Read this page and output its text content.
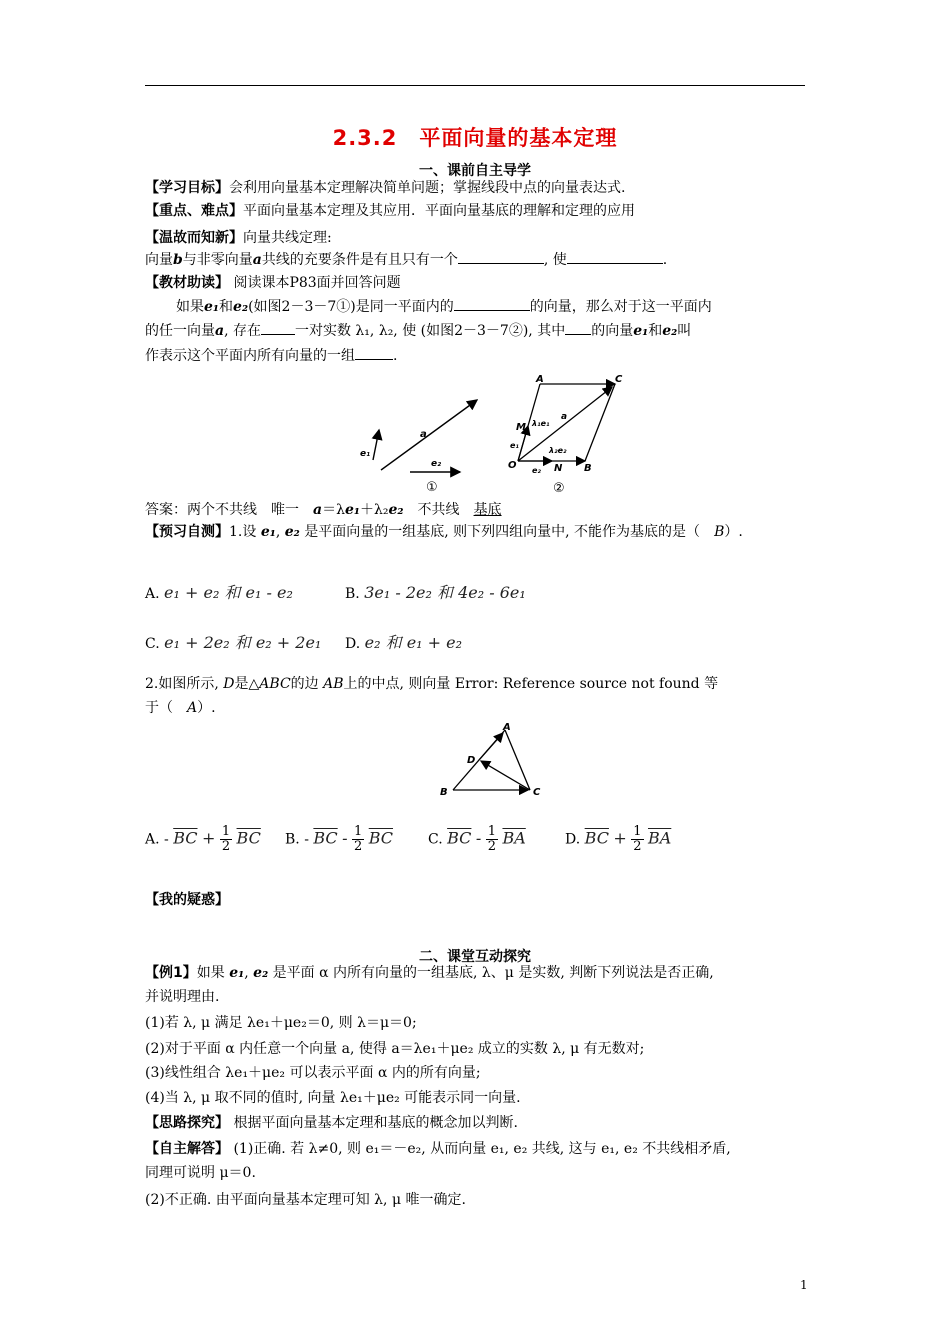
2.3.2　平面向量的基本定理
一、课前自主导学
【学习目标】会利用向量基本定理解决简单问题；掌握线段中点的向量表达式.
【重点、难点】平面向量基本定理及其应用．平面向量基底的理解和定理的应用
【温故而知新】向量共线定理:
向量b与非零向量a共线的充要条件是有且只有一个	, 使	.
【教材助读】 阅读课本P83面并回答问题
如果e₁和e₂(如图2－3－7①)是同一平面内的	的向量，那么对于这一平面内
的任一向量a, 存在 一对实数 λ₁, λ₂, 使 (如图2－3－7②), 其中 的向量e₁和e₂叫
作表示这个平面内所有向量的一组	.
a
e₁
e₂
①
A	C
M
O	N B
e₁
e₂
λ₁e₁
λ₂e₂
a
②
答案：两个不共线　唯一　a＝λe₁＋λ₂e₂　不共线　基底
【预习自测】1.设 e₁, e₂ 是平面向量的一组基底, 则下列四组向量中, 不能作为基底的是（　B）.
A. e₁ + e₂ 和 e₁ - e₂	B. 3e₁ - 2e₂ 和 4e₂ - 6e₁
C. e₁ + 2e₂ 和 e₂ + 2e₁ D. e₂ 和 e₁ + e₂
2.如图所示, D是△ABC的边 AB上的中点, 则向量 Error: Reference source not found 等
于（　A）.
A
B	C
D
A. - $\overline{BC} + \frac{1}{2} \overline{BC}$ B. - $\overline{BC} - \frac{1}{2} \overline{BC}$ C. $\overline{BC} - \frac{1}{2} \overline{BA}$	D. $\overline{BC} + \frac{1}{2} \overline{BA}$
【我的疑惑】
二、课堂互动探究
【例1】如果 e₁, e₂ 是平面 α 内所有向量的一组基底, λ、μ 是实数, 判断下列说法是否正确,
并说明理由.
(1)若 λ, μ 满足 λe₁＋μe₂＝0, 则 λ＝μ＝0;
(2)对于平面 α 内任意一个向量 a, 使得 a＝λe₁＋μe₂ 成立的实数 λ, μ 有无数对;
(3)线性组合 λe₁＋μe₂ 可以表示平面 α 内的所有向量;
(4)当 λ, μ 取不同的值时, 向量 λe₁＋μe₂ 可能表示同一向量.
【思路探究】 根据平面向量基本定理和基底的概念加以判断.
【自主解答】 (1)正确. 若 λ≠0, 则 e₁＝－e₂, 从而向量 e₁, e₂ 共线, 这与 e₁, e₂ 不共线相矛盾,
同理可说明 μ＝0.
(2)不正确. 由平面向量基本定理可知 λ, μ 唯一确定.
1
